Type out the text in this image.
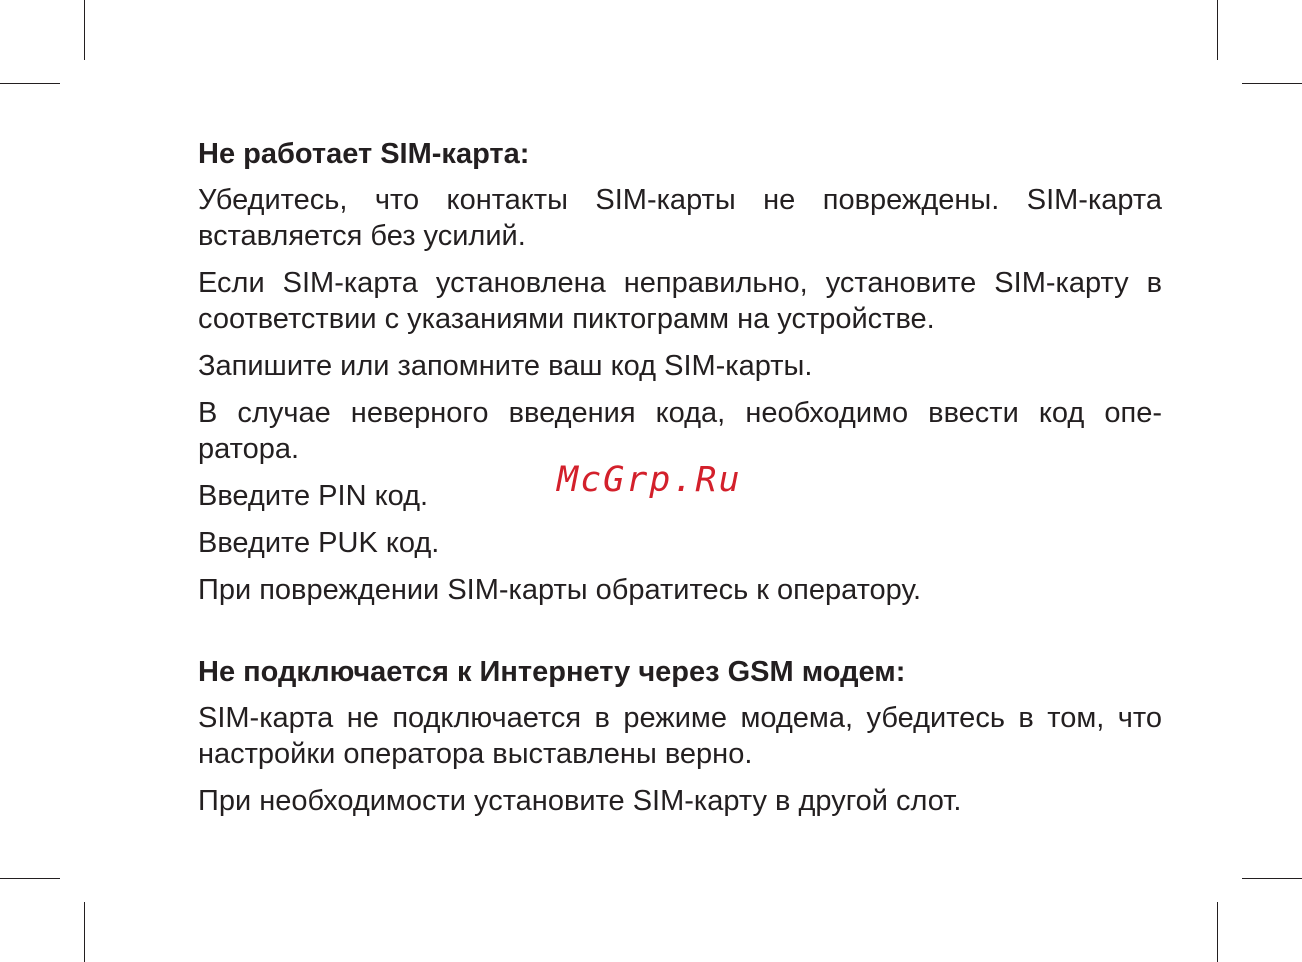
Не работает SIM-карта:

Убедитесь, что контакты SIM-карты не повреждены. SIM-карта вставляется без усилий.

Если SIM-карта установлена неправильно, установите SIM-карту в соответствии с указаниями пиктограмм на устройстве.

Запишите или запомните ваш код SIM-карты.

В случае неверного введения кода, необходимо ввести код опе-ратора.

Введите PIN код.

Введите PUK код.

При повреждении SIM-карты обратитесь к оператору.

Не подключается к Интернету через GSM модем:

SIM-карта не подключается в режиме модема, убедитесь в том, что настройки оператора выставлены верно.

При необходимости установите SIM-карту в другой слот.

McGrp.Ru
